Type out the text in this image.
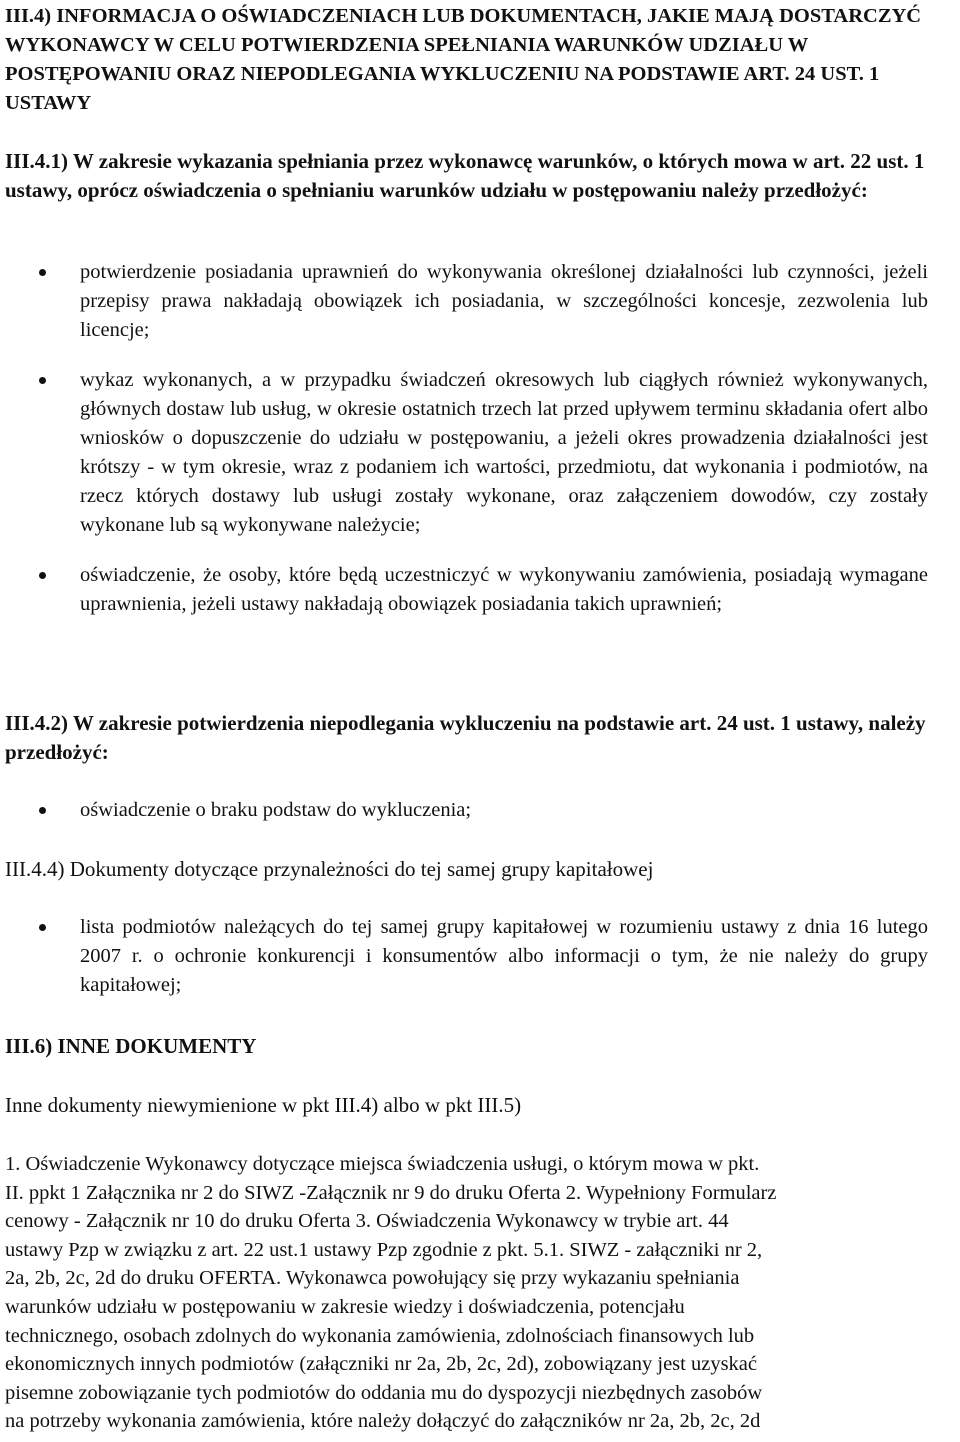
III.4) INFORMACJA O OŚWIADCZENIACH LUB DOKUMENTACH, JAKIE MAJĄ DOSTARCZYĆ WYKONAWCY W CELU POTWIERDZENIA SPEŁNIANIA WARUNKÓW UDZIAŁU W POSTĘPOWANIU ORAZ NIEPODLEGANIA WYKLUCZENIU NA PODSTAWIE ART. 24 UST. 1 USTAWY
III.4.1) W zakresie wykazania spełniania przez wykonawcę warunków, o których mowa w art. 22 ust. 1 ustawy, oprócz oświadczenia o spełnianiu warunków udziału w postępowaniu należy przedłożyć:
potwierdzenie posiadania uprawnień do wykonywania określonej działalności lub czynności, jeżeli przepisy prawa nakładają obowiązek ich posiadania, w szczególności koncesje, zezwolenia lub licencje;
wykaz wykonanych, a w przypadku świadczeń okresowych lub ciągłych również wykonywanych, głównych dostaw lub usług, w okresie ostatnich trzech lat przed upływem terminu składania ofert albo wniosków o dopuszczenie do udziału w postępowaniu, a jeżeli okres prowadzenia działalności jest krótszy - w tym okresie, wraz z podaniem ich wartości, przedmiotu, dat wykonania i podmiotów, na rzecz których dostawy lub usługi zostały wykonane, oraz załączeniem dowodów, czy zostały wykonane lub są wykonywane należycie;
oświadczenie, że osoby, które będą uczestniczyć w wykonywaniu zamówienia, posiadają wymagane uprawnienia, jeżeli ustawy nakładają obowiązek posiadania takich uprawnień;
III.4.2) W zakresie potwierdzenia niepodlegania wykluczeniu na podstawie art. 24 ust. 1 ustawy, należy przedłożyć:
oświadczenie o braku podstaw do wykluczenia;
III.4.4) Dokumenty dotyczące przynależności do tej samej grupy kapitałowej
lista podmiotów należących do tej samej grupy kapitałowej w rozumieniu ustawy z dnia 16 lutego 2007 r. o ochronie konkurencji i konsumentów albo informacji o tym, że nie należy do grupy kapitałowej;
III.6) INNE DOKUMENTY
Inne dokumenty niewymienione w pkt III.4) albo w pkt III.5)
1. Oświadczenie Wykonawcy dotyczące miejsca świadczenia usługi, o którym mowa w pkt.
II. ppkt 1 Załącznika nr 2 do SIWZ -Załącznik nr 9 do druku Oferta 2. Wypełniony Formularz
cenowy - Załącznik nr 10 do druku Oferta 3. Oświadczenia Wykonawcy w trybie art. 44
ustawy Pzp w związku z art. 22 ust.1 ustawy Pzp zgodnie z pkt. 5.1. SIWZ - załączniki nr 2,
2a, 2b, 2c, 2d do druku OFERTA. Wykonawca powołujący się przy wykazaniu spełniania
warunków udziału w postępowaniu w zakresie wiedzy i doświadczenia, potencjału
technicznego, osobach zdolnych do wykonania zamówienia, zdolnościach finansowych lub
ekonomicznych innych podmiotów (załączniki nr 2a, 2b, 2c, 2d), zobowiązany jest uzyskać
pisemne zobowiązanie tych podmiotów do oddania mu do dyspozycji niezbędnych zasobów
na potrzeby wykonania zamówienia, które należy dołączyć do załączników nr 2a, 2b, 2c, 2d
